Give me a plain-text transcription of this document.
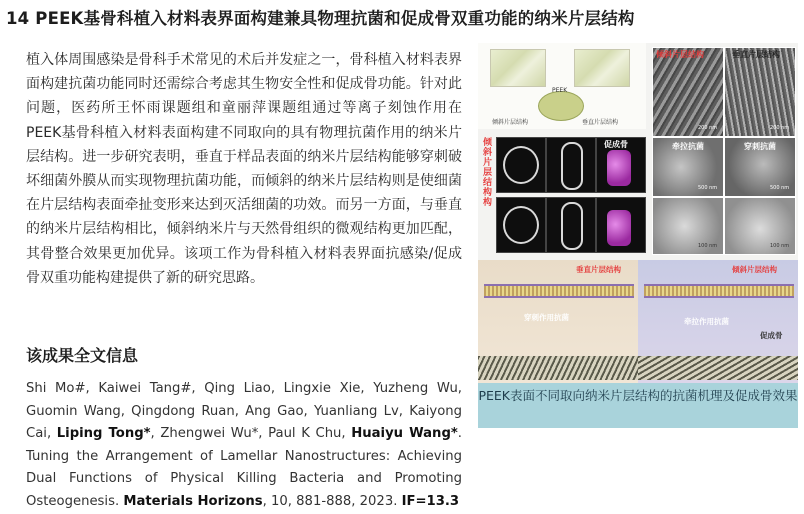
14 PEEK基骨科植入材料表界面构建兼具物理抗菌和促成骨双重功能的纳米片层结构
植入体周围感染是骨科手术常见的术后并发症之一，骨科植入材料表界面构建抗菌功能同时还需综合考虑其生物安全性和促成骨功能。针对此问题，医药所王怀雨课题组和童丽萍课题组通过等离子刻蚀作用在PEEK基骨科植入材料表面构建不同取向的具有物理抗菌作用的纳米片层结构。进一步研究表明，垂直于样品表面的纳米片层结构能够穿刺破坏细菌外膜从而实现物理抗菌功能，而倾斜的纳米片层结构则是使细菌在片层结构表面牵扯变形来达到灭活细菌的功效。而另一方面，与垂直的纳米片层结构相比，倾斜纳米片与天然骨组织的微观结构更加匹配，其骨整合效果更加优异。该项工作为骨科植入材料表界面抗感染/促成骨双重功能构建提供了新的研究思路。
该成果全文信息
Shi Mo#, Kaiwei Tang#, Qing Liao, Lingxie Xie, Yuzheng Wu, Guomin Wang, Qingdong Ruan, Ang Gao, Yuanliang Lv, Kaiyong Cai, Liping Tong*, Zhengwei Wu*, Paul K Chu, Huaiyu Wang*. Tuning the Arrangement of Lamellar Nanostructures: Achieving Dual Functions of Physical Killing Bacteria and Promoting Osteogenesis. Materials Horizons, 10, 881-888, 2023. IF=13.3
PEEK
倾斜片层结构	垂直片层结构
倾斜片层结构	垂直片层结构
200 nm	200 nm
牵拉抗菌	穿刺抗菌
500 nm	500 nm
100 nm	100 nm
倾斜片层结构
构
促成骨
垂直片层结构	倾斜片层结构
穿刺作用抗菌	牵拉作用抗菌
促成骨
PEEK表面不同取向纳米片层结构的抗菌机理及促成骨效果
